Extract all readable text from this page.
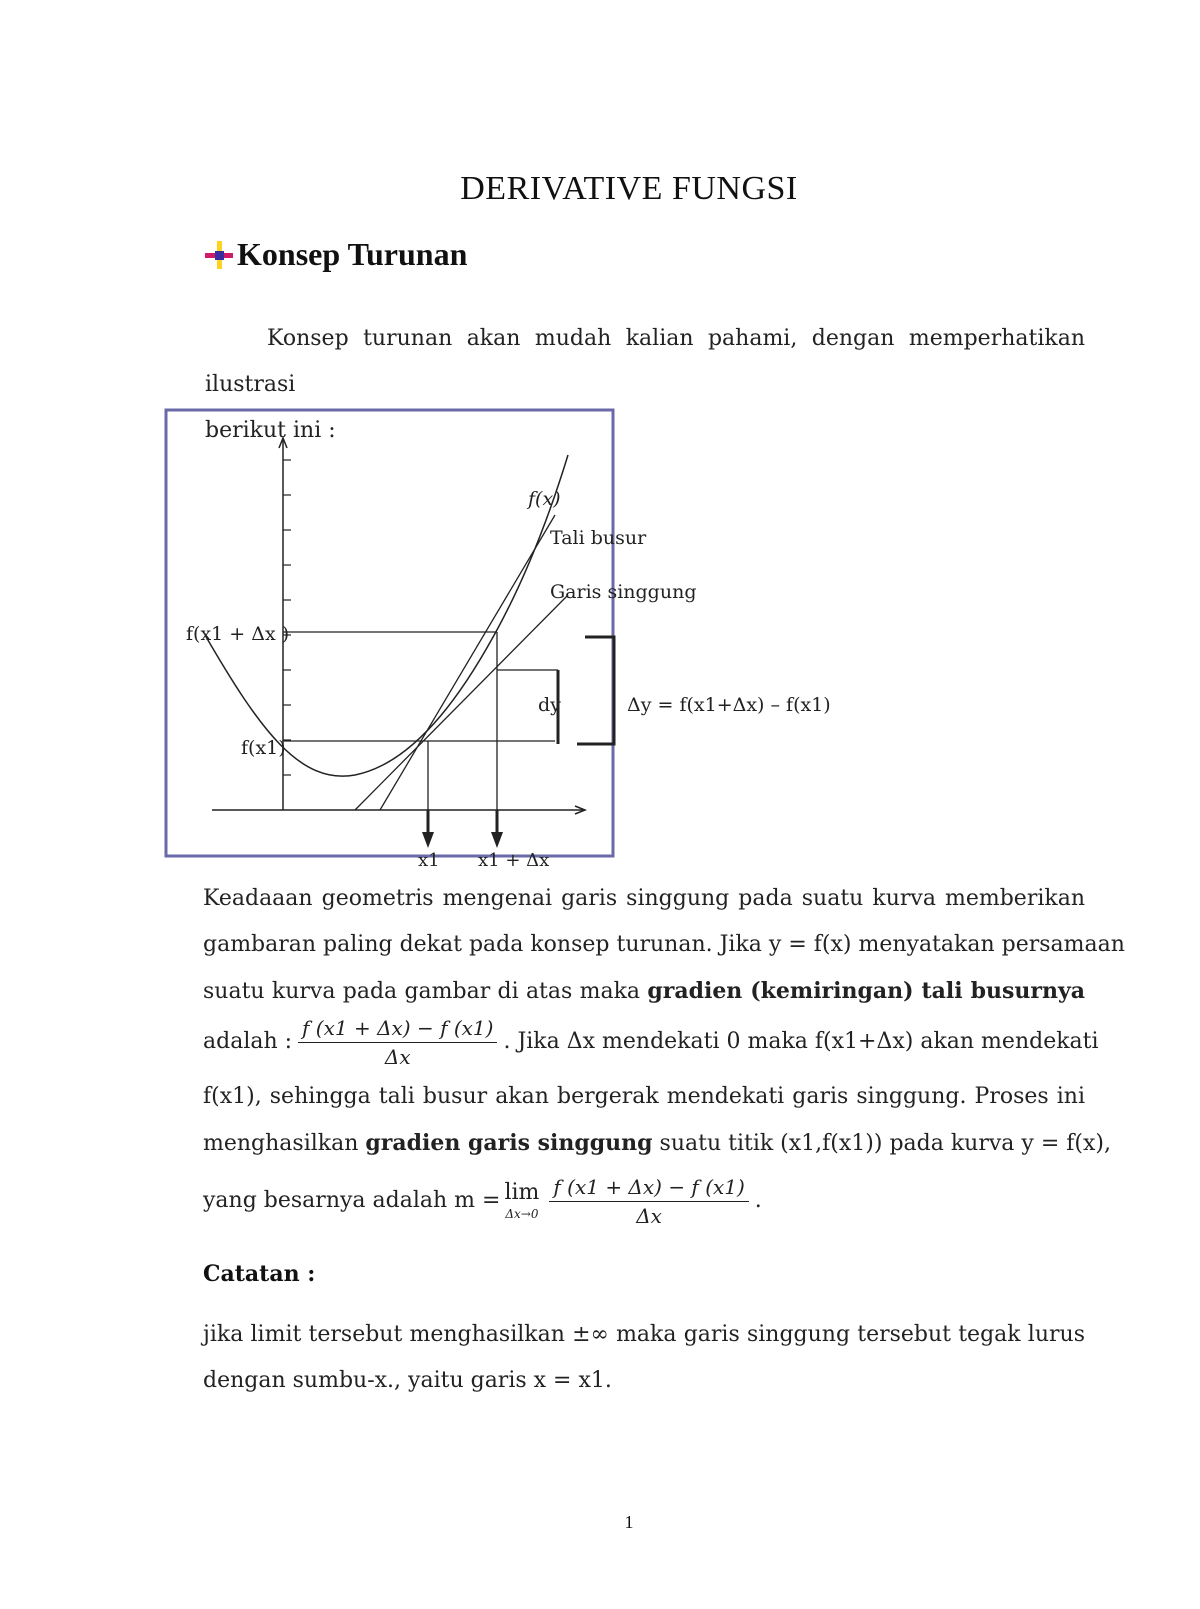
DERIVATIVE FUNGSI
Konsep Turunan
Konsep turunan akan mudah kalian pahami, dengan memperhatikan ilustrasi
berikut ini :
f(x)
Tali busur
Garis singgung
f(x1 + Δx )
f(x1)
dy	Δy = f(x1+Δx) – f(x1)
x1 x1 + Δx
Keadaaan geometris mengenai garis singgung pada suatu kurva memberikan
gambaran paling dekat pada konsep turunan. Jika y = f(x) menyatakan persamaan
suatu kurva pada gambar di atas maka gradien (kemiringan) tali busurnya
adalah : $\frac{f (x1 + \Delta x) - f (x1)}{\Delta x}$ . Jika Δx mendekati 0 maka f(x1+Δx) akan mendekati
f(x1), sehingga tali busur akan bergerak mendekati garis singgung. Proses ini
menghasilkan gradien garis singgung suatu titik (x1,f(x1)) pada kurva y = f(x),
yang besarnya adalah m = lim
$\Delta x\to 0 \frac{f (x1 + \Delta x) - f (x1)}{\Delta x}$ .
Catatan :
jika limit tersebut menghasilkan ±∞ maka garis singgung tersebut tegak lurus
dengan sumbu-x., yaitu garis x = x1.
1
